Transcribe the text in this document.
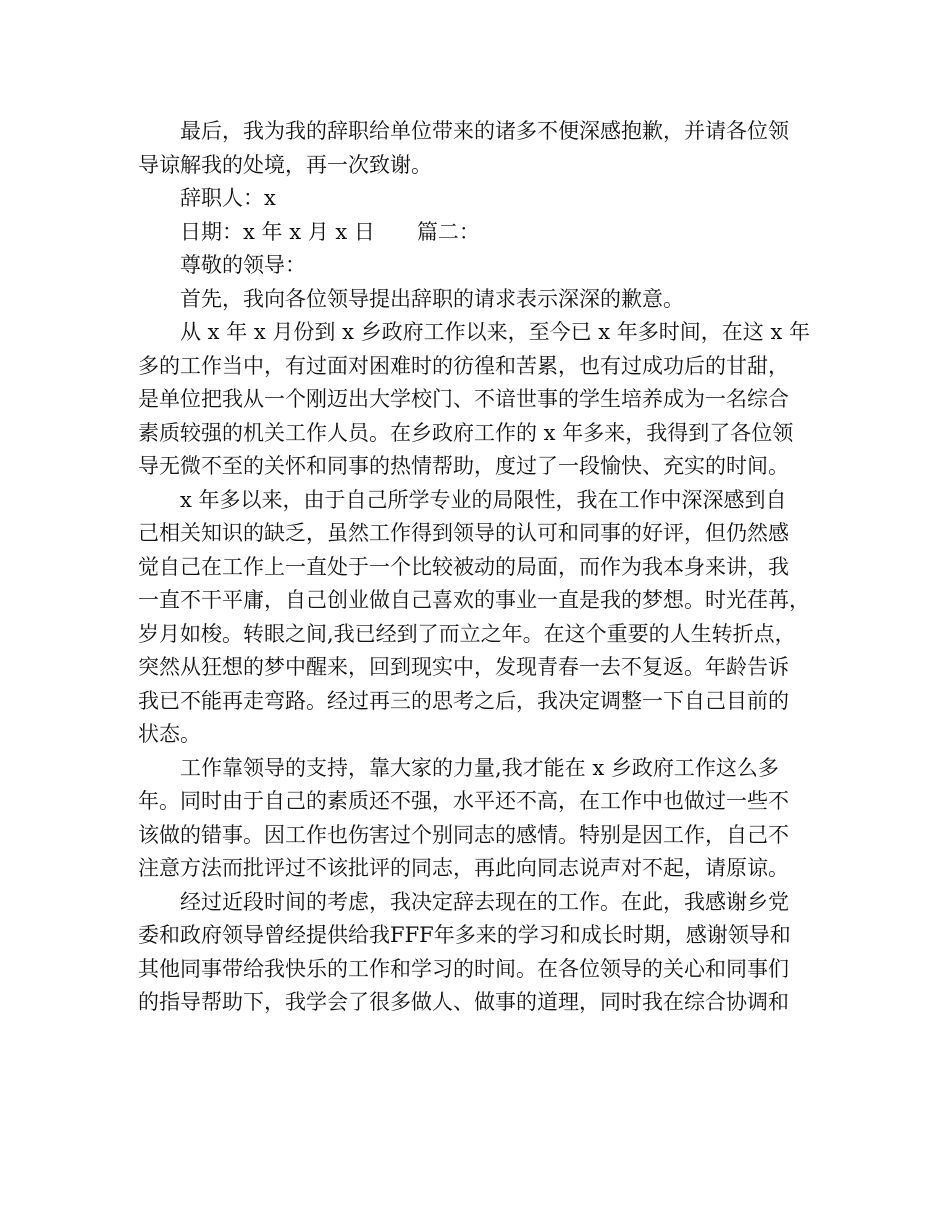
最后，我为我的辞职给单位带来的诸多不便深感抱歉，并请各位领
导谅解我的处境，再一次致谢。
辞职人：x
日期：x 年 x 月 x 日 篇二：
尊敬的领导：
首先，我向各位领导提出辞职的请求表示深深的歉意。
从 x 年 x 月份到 x 乡政府工作以来，至今已 x 年多时间，在这 x 年
多的工作当中，有过面对困难时的彷徨和苦累，也有过成功后的甘甜，
是单位把我从一个刚迈出大学校门、不谙世事的学生培养成为一名综合
素质较强的机关工作人员。在乡政府工作的 x 年多来，我得到了各位领
导无微不至的关怀和同事的热情帮助，度过了一段愉快、充实的时间。
x 年多以来，由于自己所学专业的局限性，我在工作中深深感到自
己相关知识的缺乏，虽然工作得到领导的认可和同事的好评，但仍然感
觉自己在工作上一直处于一个比较被动的局面，而作为我本身来讲，我
一直不干平庸，自己创业做自己喜欢的事业一直是我的梦想。时光荏苒，
岁月如梭。转眼之间,我已经到了而立之年。在这个重要的人生转折点，
突然从狂想的梦中醒来，回到现实中，发现青春一去不复返。年龄告诉
我已不能再走弯路。经过再三的思考之后，我决定调整一下自己目前的
状态。
工作靠领导的支持，靠大家的力量,我才能在 x 乡政府工作这么多
年。同时由于自己的素质还不强，水平还不高，在工作中也做过一些不
该做的错事。因工作也伤害过个别同志的感情。特别是因工作，自己不
注意方法而批评过不该批评的同志，再此向同志说声对不起，请原谅。
经过近段时间的考虑，我决定辞去现在的工作。在此，我感谢乡党
委和政府领导曾经提供给我FFF年多来的学习和成长时期，感谢领导和
其他同事带给我快乐的工作和学习的时间。在各位领导的关心和同事们
的指导帮助下，我学会了很多做人、做事的道理，同时我在综合协调和
